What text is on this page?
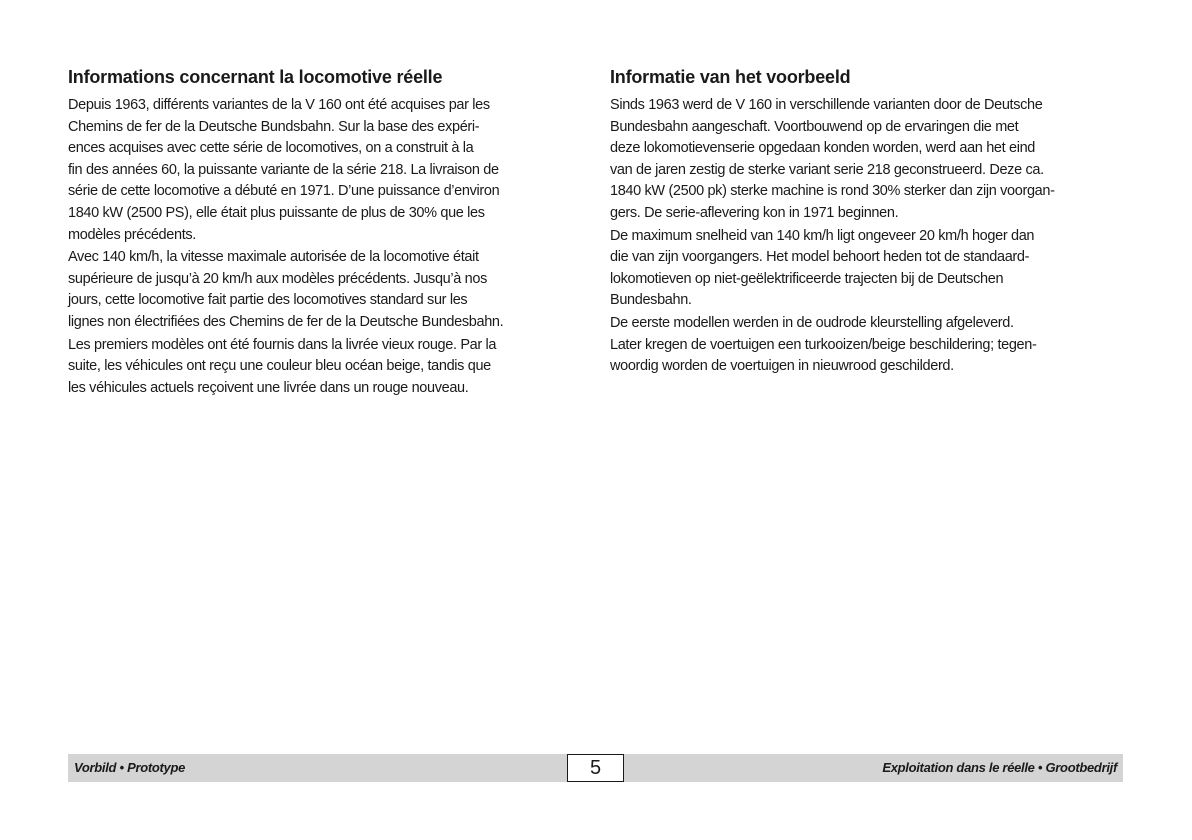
Informations concernant la locomotive réelle

Depuis 1963, différents variantes de la V 160 ont été acquises par les
Chemins de fer de la Deutsche Bundsbahn. Sur la base des expéri-
ences acquises avec cette série de locomotives, on a construit à la
fin des années 60, la puissante variante de la série 218. La livraison de
série de cette locomotive a débuté en 1971. D’une puissance d’environ
1840 kW (2500 PS), elle était plus puissante de plus de 30% que les
modèles précédents.

Avec 140 km/h, la vitesse maximale autorisée de la locomotive était
supérieure de jusqu’à 20 km/h aux modèles précédents. Jusqu’à nos
jours, cette locomotive fait partie des locomotives standard sur les
lignes non électrifiées des Chemins de fer de la Deutsche Bundesbahn.

Les premiers modèles ont été fournis dans la livrée vieux rouge. Par la
suite, les véhicules ont reçu une couleur bleu océan beige, tandis que
les véhicules actuels reçoivent une livrée dans un rouge nouveau.

Informatie van het voorbeeld

Sinds 1963 werd de V 160 in verschillende varianten door de Deutsche
Bundesbahn aangeschaft. Voortbouwend op de ervaringen die met
deze lokomotievenserie opgedaan konden worden, werd aan het eind
van de jaren zestig de sterke variant serie 218 geconstrueerd. Deze ca.
1840 kW (2500 pk) sterke machine is rond 30% sterker dan zijn voorgan-
gers. De serie-aflevering kon in 1971 beginnen.

De maximum snelheid van 140 km/h ligt ongeveer 20 km/h hoger dan
die van zijn voorgangers. Het model behoort heden tot de standaard-
lokomotieven op niet-geëlektrificeerde trajecten bij de Deutschen
Bundesbahn.

De eerste modellen werden in de oudrode kleurstelling afgeleverd.
Later kregen de voertuigen een turkooizen/beige beschildering; tegen-
woordig worden de voertuigen in nieuwrood geschilderd.

Vorbild • Prototype	Exploitation dans le réelle • Grootbedrijf
5
